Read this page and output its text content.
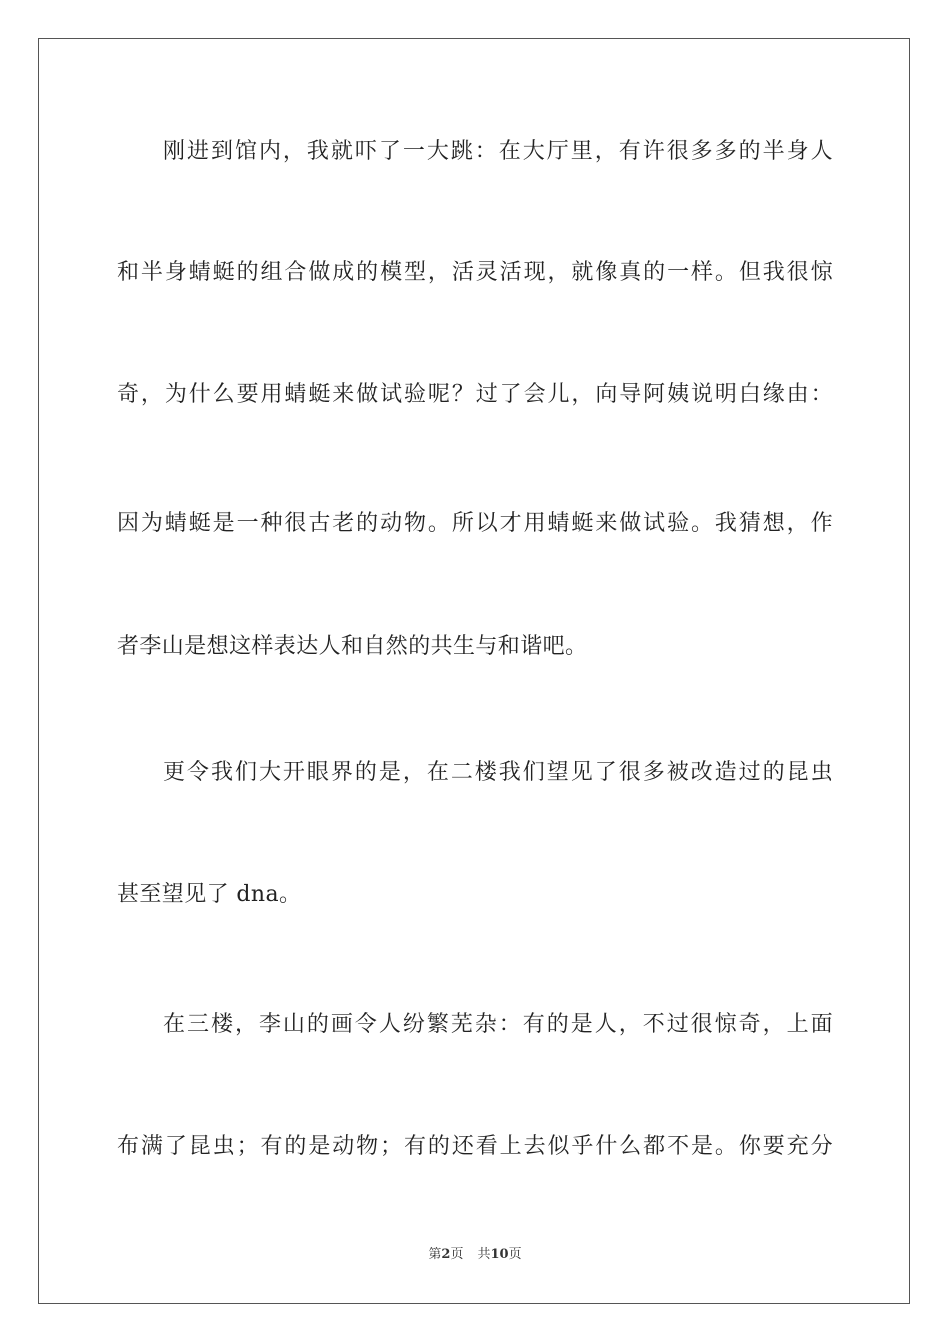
刚进到馆内，我就吓了一大跳：在大厅里，有许很多多的半身人
和半身蜻蜓的组合做成的模型，活灵活现，就像真的一样。但我很惊
奇，为什么要用蜻蜓来做试验呢？过了会儿，向导阿姨说明白缘由：
因为蜻蜓是一种很古老的动物。所以才用蜻蜓来做试验。我猜想，作
者李山是想这样表达人和自然的共生与和谐吧。
更令我们大开眼界的是，在二楼我们望见了很多被改造过的昆虫
甚至望见了 dna。
在三楼，李山的画令人纷繁芜杂：有的是人，不过很惊奇，上面
布满了昆虫；有的是动物；有的还看上去似乎什么都不是。你要充分
第2页 共10页
